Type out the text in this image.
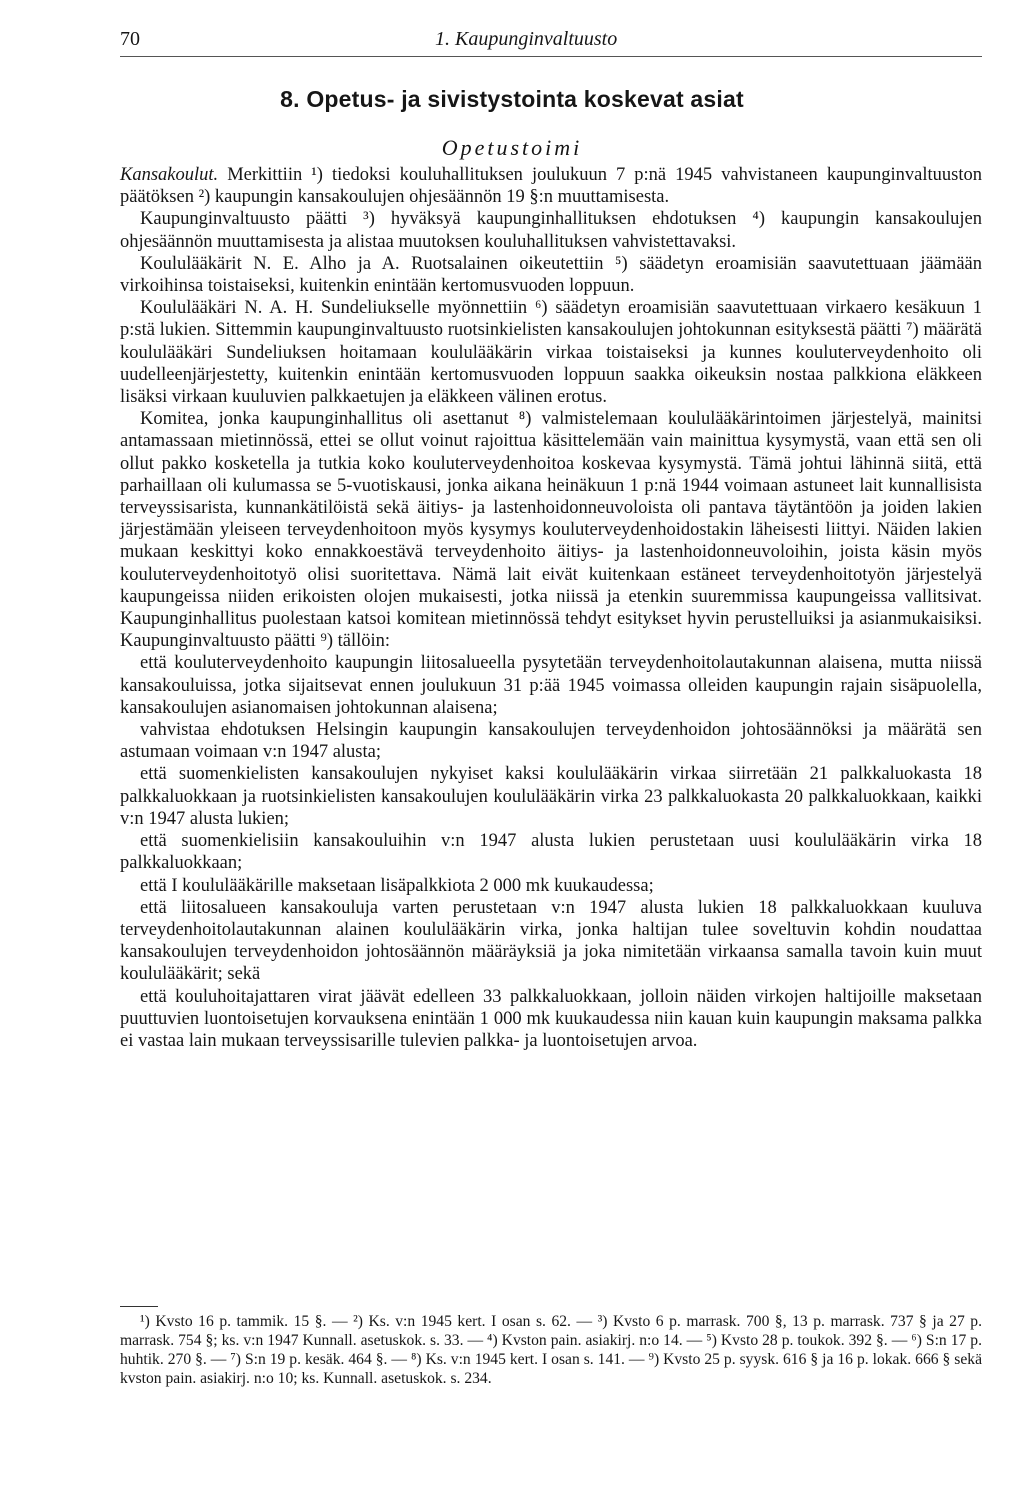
70	1. Kaupunginvaltuusto
8. Opetus- ja sivistystointa koskevat asiat
Opetustoimi

Kansakoulut. Merkittiin ¹) tiedoksi kouluhallituksen joulukuun 7 p:nä 1945 vahvistaneen kaupunginvaltuuston päätöksen ²) kaupungin kansakoulujen ohjesäännön 19 §:n muuttamisesta.

Kaupunginvaltuusto päätti ³) hyväksyä kaupunginhallituksen ehdotuksen ⁴) kaupungin kansakoulujen ohjesäännön muuttamisesta ja alistaa muutoksen kouluhallituksen vahvistettavaksi.

Koululääkärit N. E. Alho ja A. Ruotsalainen oikeutettiin ⁵) säädetyn eroamisiän saavutettuaan jäämään virkoihinsa toistaiseksi, kuitenkin enintään kertomusvuoden loppuun.

Koululääkäri N. A. H. Sundeliukselle myönnettiin ⁶) säädetyn eroamisiän saavutettuaan virkaero kesäkuun 1 p:stä lukien. Sittemmin kaupunginvaltuusto ruotsinkielisten kansakoulujen johtokunnan esityksestä päätti ⁷) määrätä koululääkäri Sundeliuksen hoitamaan koululääkärin virkaa toistaiseksi ja kunnes kouluterveydenhoito oli uudelleenjärjestetty, kuitenkin enintään kertomusvuoden loppuun saakka oikeuksin nostaa palkkiona eläkkeen lisäksi virkaan kuuluvien palkkaetujen ja eläkkeen välinen erotus.

Komitea, jonka kaupunginhallitus oli asettanut ⁸) valmistelemaan koululääkärintoimen järjestelyä, mainitsi antamassaan mietinnössä, ettei se ollut voinut rajoittua käsittelemään vain mainittua kysymystä, vaan että sen oli ollut pakko kosketella ja tutkia koko kouluterveydenhoitoa koskevaa kysymystä. Tämä johtui lähinnä siitä, että parhaillaan oli kulumassa se 5-vuotiskausi, jonka aikana heinäkuun 1 p:nä 1944 voimaan astuneet lait kunnallisista terveyssisarista, kunnankätilöistä sekä äitiys- ja lastenhoidonneuvoloista oli pantava täytäntöön ja joiden lakien järjestämään yleiseen terveydenhoitoon myös kysymys kouluterveydenhoidostakin läheisesti liittyi. Näiden lakien mukaan keskittyi koko ennakkoestävä terveydenhoito äitiys- ja lastenhoidonneuvoloihin, joista käsin myös kouluterveydenhoitotyö olisi suoritettava. Nämä lait eivät kuitenkaan estäneet terveydenhoitotyön järjestelyä kaupungeissa niiden erikoisten olojen mukaisesti, jotka niissä ja etenkin suuremmissa kaupungeissa vallitsivat. Kaupunginhallitus puolestaan katsoi komitean mietinnössä tehdyt esitykset hyvin perustelluiksi ja asianmukaisiksi. Kaupunginvaltuusto päätti ⁹) tällöin:

että kouluterveydenhoito kaupungin liitosalueella pysytetään terveydenhoitolautakunnan alaisena, mutta niissä kansakouluissa, jotka sijaitsevat ennen joulukuun 31 p:ää 1945 voimassa olleiden kaupungin rajain sisäpuolella, kansakoulujen asianomaisen johtokunnan alaisena;

vahvistaa ehdotuksen Helsingin kaupungin kansakoulujen terveydenhoidon johtosäännöksi ja määrätä sen astumaan voimaan v:n 1947 alusta;

että suomenkielisten kansakoulujen nykyiset kaksi koululääkärin virkaa siirretään 21 palkkaluokasta 18 palkkaluokkaan ja ruotsinkielisten kansakoulujen koululääkärin virka 23 palkkaluokasta 20 palkkaluokkaan, kaikki v:n 1947 alusta lukien;

että suomenkielisiin kansakouluihin v:n 1947 alusta lukien perustetaan uusi koululääkärin virka 18 palkkaluokkaan;

että I koululääkärille maksetaan lisäpalkkiota 2 000 mk kuukaudessa;

että liitosalueen kansakouluja varten perustetaan v:n 1947 alusta lukien 18 palkkaluokkaan kuuluva terveydenhoitolautakunnan alainen koululääkärin virka, jonka haltijan tulee soveltuvin kohdin noudattaa kansakoulujen terveydenhoidon johtosäännön määräyksiä ja joka nimitetään virkaansa samalla tavoin kuin muut koululääkärit; sekä

että kouluhoitajattaren virat jäävät edelleen 33 palkkaluokkaan, jolloin näiden virkojen haltijoille maksetaan puuttuvien luontoisetujen korvauksena enintään 1 000 mk kuukaudessa niin kauan kuin kaupungin maksama palkka ei vastaa lain mukaan terveyssisarille tulevien palkka- ja luontoisetujen arvoa.

¹) Kvsto 16 p. tammik. 15 §. — ²) Ks. v:n 1945 kert. I osan s. 62. — ³) Kvsto 6 p. marrask. 700 §, 13 p. marrask. 737 § ja 27 p. marrask. 754 §; ks. v:n 1947 Kunnall. asetuskok. s. 33. — ⁴) Kvston pain. asiakirj. n:o 14. — ⁵) Kvsto 28 p. toukok. 392 §. — ⁶) S:n 17 p. huhtik. 270 §. — ⁷) S:n 19 p. kesäk. 464 §. — ⁸) Ks. v:n 1945 kert. I osan s. 141. — ⁹) Kvsto 25 p. syysk. 616 § ja 16 p. lokak. 666 § sekä kvston pain. asiakirj. n:o 10; ks. Kunnall. asetuskok. s. 234.
